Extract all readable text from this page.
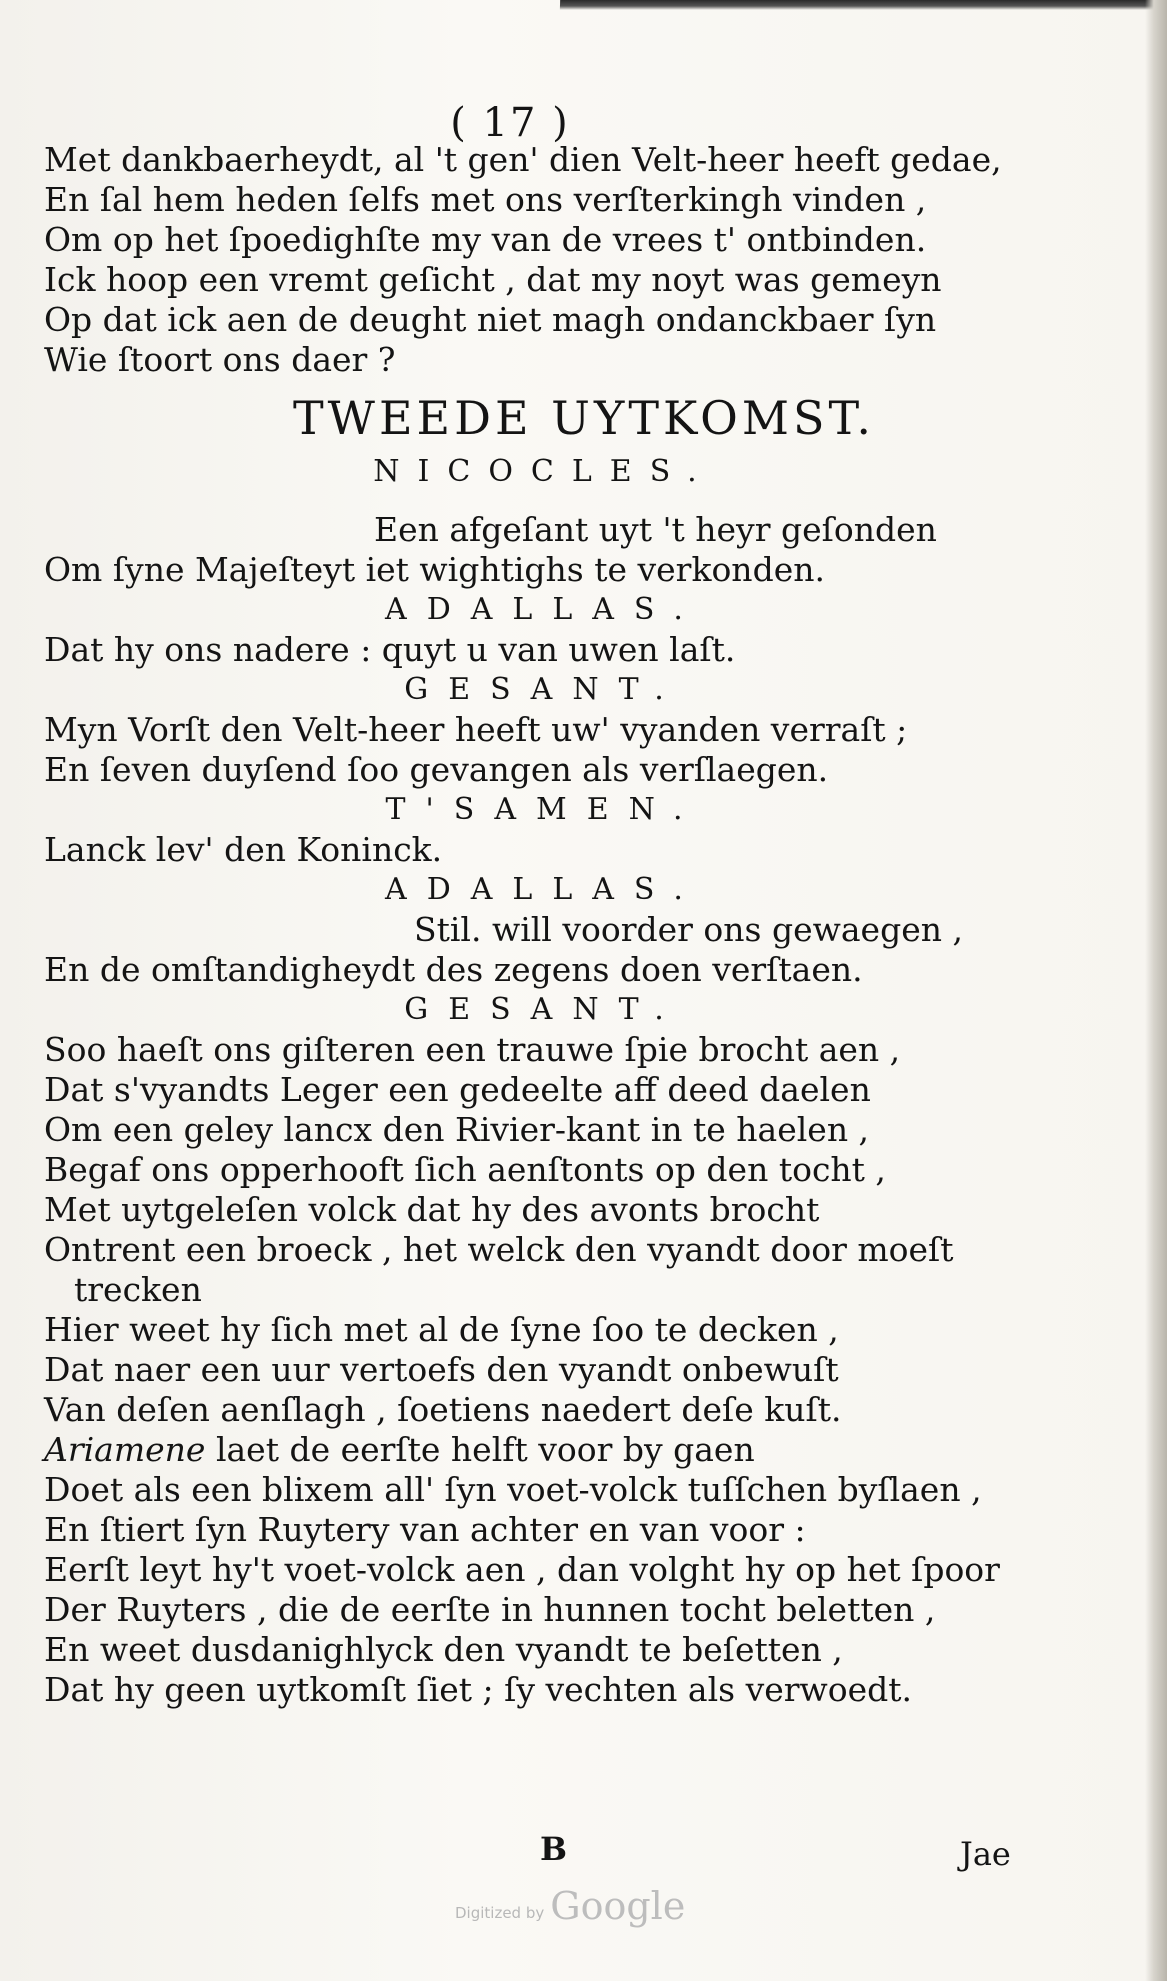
( 17 )
Met dankbaerheydt, al 't gen' dien Velt-heer heeft gedae,
En ſal hem heden ſelfs met ons verſterkingh vinden ,
Om op het ſpoedighſte my van de vrees t' ontbinden.
Ick hoop een vremt geſicht , dat my noyt was gemeyn
Op dat ick aen de deught niet magh ondanckbaer ſyn
Wie ſtoort ons daer ?
TWEEDE UYTKOMST.
NICOCLES.
Een afgeſant uyt 't heyr geſonden
Om ſyne Majeſteyt iet wightighs te verkonden.
ADALLAS.
Dat hy ons nadere : quyt u van uwen laſt.
GESANT.
Myn Vorſt den Velt-heer heeft uw' vyanden verraſt ;
En ſeven duyſend ſoo gevangen als verſlaegen.
T'SAMEN.
Lanck lev' den Koninck.
ADALLAS.
Stil. will voorder ons gewaegen ,
En de omſtandigheydt des zegens doen verſtaen.
GESANT.
Soo haeſt ons giſteren een trauwe ſpie brocht aen ,
Dat s'vyandts Leger een gedeelte aff deed daelen
Om een geley lancx den Rivier-kant in te haelen ,
Begaf ons opperhooft ſich aenſtonts op den tocht ,
Met uytgeleſen volck dat hy des avonts brocht
Ontrent een broeck , het welck den vyandt door moeſt
trecken
Hier weet hy ſich met al de ſyne ſoo te decken ,
Dat naer een uur vertoefs den vyandt onbewuſt
Van deſen aenſlagh , ſoetiens naedert deſe kuſt.
Ariamene laet de eerſte helft voor by gaen
Doet als een blixem all' ſyn voet-volck tuſſchen byſlaen ,
En ſtiert ſyn Ruytery van achter en van voor :
Eerſt leyt hy't voet-volck aen , dan volght hy op het ſpoor
Der Ruyters , die de eerſte in hunnen tocht beletten ,
En weet dusdanighlyck den vyandt te beſetten ,
Dat hy geen uytkomſt ſiet ; ſy vechten als verwoedt.
B	Jae
Digitized by Google
